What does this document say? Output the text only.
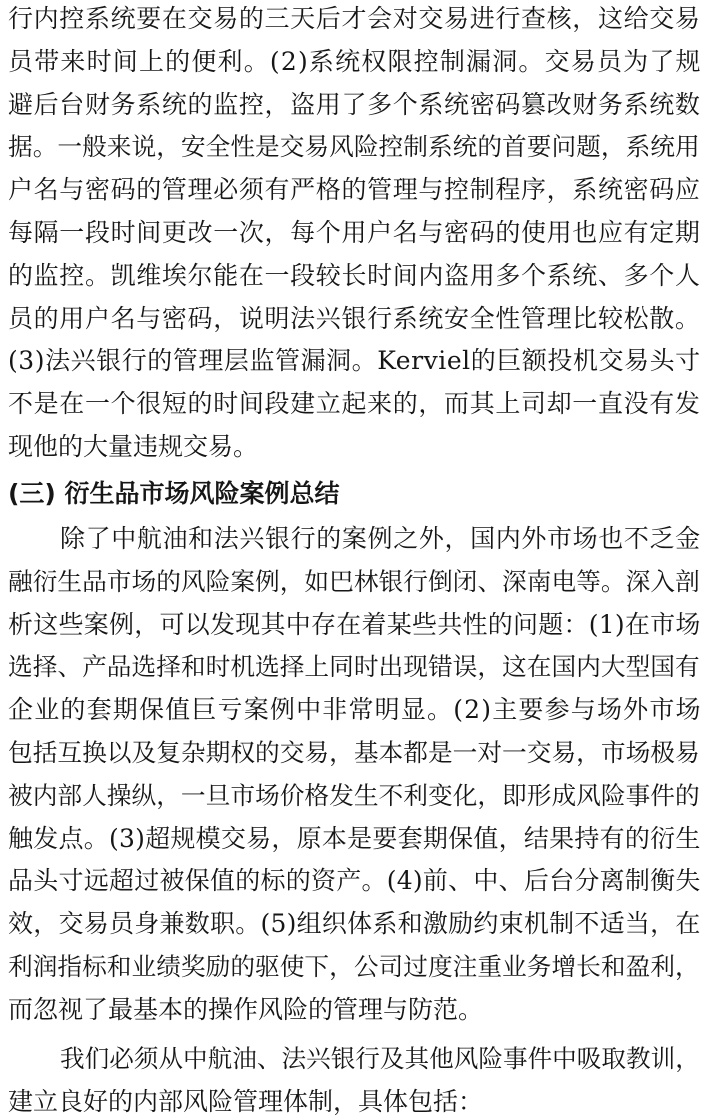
行内控系统要在交易的三天后才会对交易进行查核，这给交易
员带来时间上的便利。(2)系统权限控制漏洞。交易员为了规
避后台财务系统的监控，盗用了多个系统密码篡改财务系统数
据。一般来说，安全性是交易风险控制系统的首要问题，系统用
户名与密码的管理必须有严格的管理与控制程序，系统密码应
每隔一段时间更改一次，每个用户名与密码的使用也应有定期
的监控。凯维埃尔能在一段较长时间内盗用多个系统、多个人
员的用户名与密码，说明法兴银行系统安全性管理比较松散。
(3)法兴银行的管理层监管漏洞。Kerviel的巨额投机交易头寸
不是在一个很短的时间段建立起来的，而其上司却一直没有发
现他的大量违规交易。
(三) 衍生品市场风险案例总结
除了中航油和法兴银行的案例之外，国内外市场也不乏金
融衍生品市场的风险案例，如巴林银行倒闭、深南电等。深入剖
析这些案例，可以发现其中存在着某些共性的问题：(1)在市场
选择、产品选择和时机选择上同时出现错误，这在国内大型国有
企业的套期保值巨亏案例中非常明显。(2)主要参与场外市场
包括互换以及复杂期权的交易，基本都是一对一交易，市场极易
被内部人操纵，一旦市场价格发生不利变化，即形成风险事件的
触发点。(3)超规模交易，原本是要套期保值，结果持有的衍生
品头寸远超过被保值的标的资产。(4)前、中、后台分离制衡失
效，交易员身兼数职。(5)组织体系和激励约束机制不适当，在
利润指标和业绩奖励的驱使下，公司过度注重业务增长和盈利，
而忽视了最基本的操作风险的管理与防范。
我们必须从中航油、法兴银行及其他风险事件中吸取教训，
建立良好的内部风险管理体制，具体包括：
